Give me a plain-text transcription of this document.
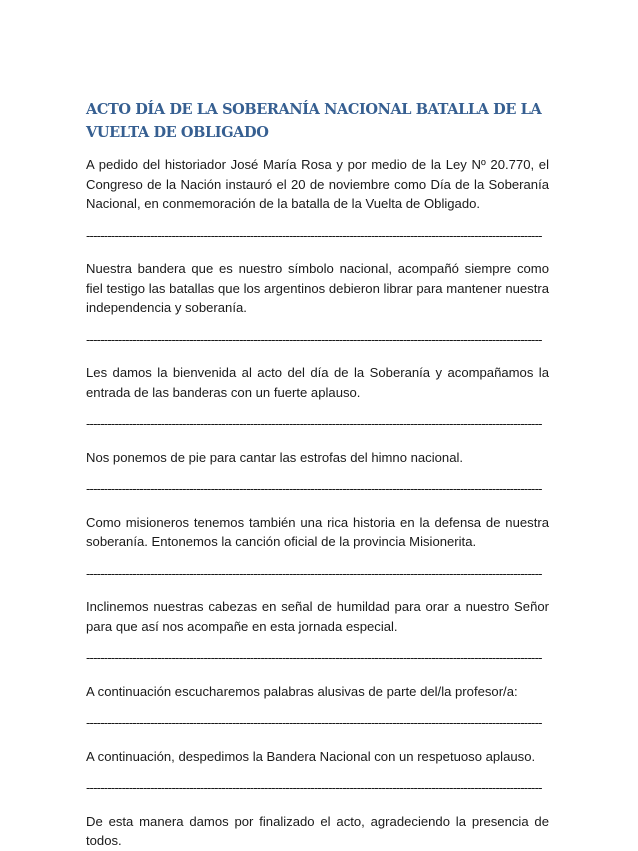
ACTO DÍA DE LA SOBERANÍA NACIONAL BATALLA DE LA VUELTA DE OBLIGADO

A pedido del historiador José María Rosa y por medio de la Ley Nº 20.770, el Congreso de la Nación instauró el 20 de noviembre como Día de la Soberanía Nacional, en conmemoración de la batalla de la Vuelta de Obligado.

--------------------------------------------------------------------------------------------------------------------------------

Nuestra bandera que es nuestro símbolo nacional, acompañó siempre como fiel testigo las batallas que los argentinos debieron librar para mantener nuestra independencia y soberanía.

--------------------------------------------------------------------------------------------------------------------------------

Les damos la bienvenida al acto del día de la Soberanía y acompañamos la entrada de las banderas con un fuerte aplauso.

--------------------------------------------------------------------------------------------------------------------------------

Nos ponemos de pie para cantar las estrofas del himno nacional.

--------------------------------------------------------------------------------------------------------------------------------

Como misioneros tenemos también una rica historia en la defensa de nuestra soberanía. Entonemos la canción oficial de la provincia Misionerita.

--------------------------------------------------------------------------------------------------------------------------------

Inclinemos nuestras cabezas en señal de humildad para orar a nuestro Señor para que así nos acompañe en esta jornada especial.

--------------------------------------------------------------------------------------------------------------------------------

A continuación escucharemos palabras alusivas de parte del/la profesor/a:

--------------------------------------------------------------------------------------------------------------------------------

A continuación, despedimos la Bandera Nacional con un respetuoso aplauso.

--------------------------------------------------------------------------------------------------------------------------------

De esta manera damos por finalizado el acto, agradeciendo la presencia de todos.
